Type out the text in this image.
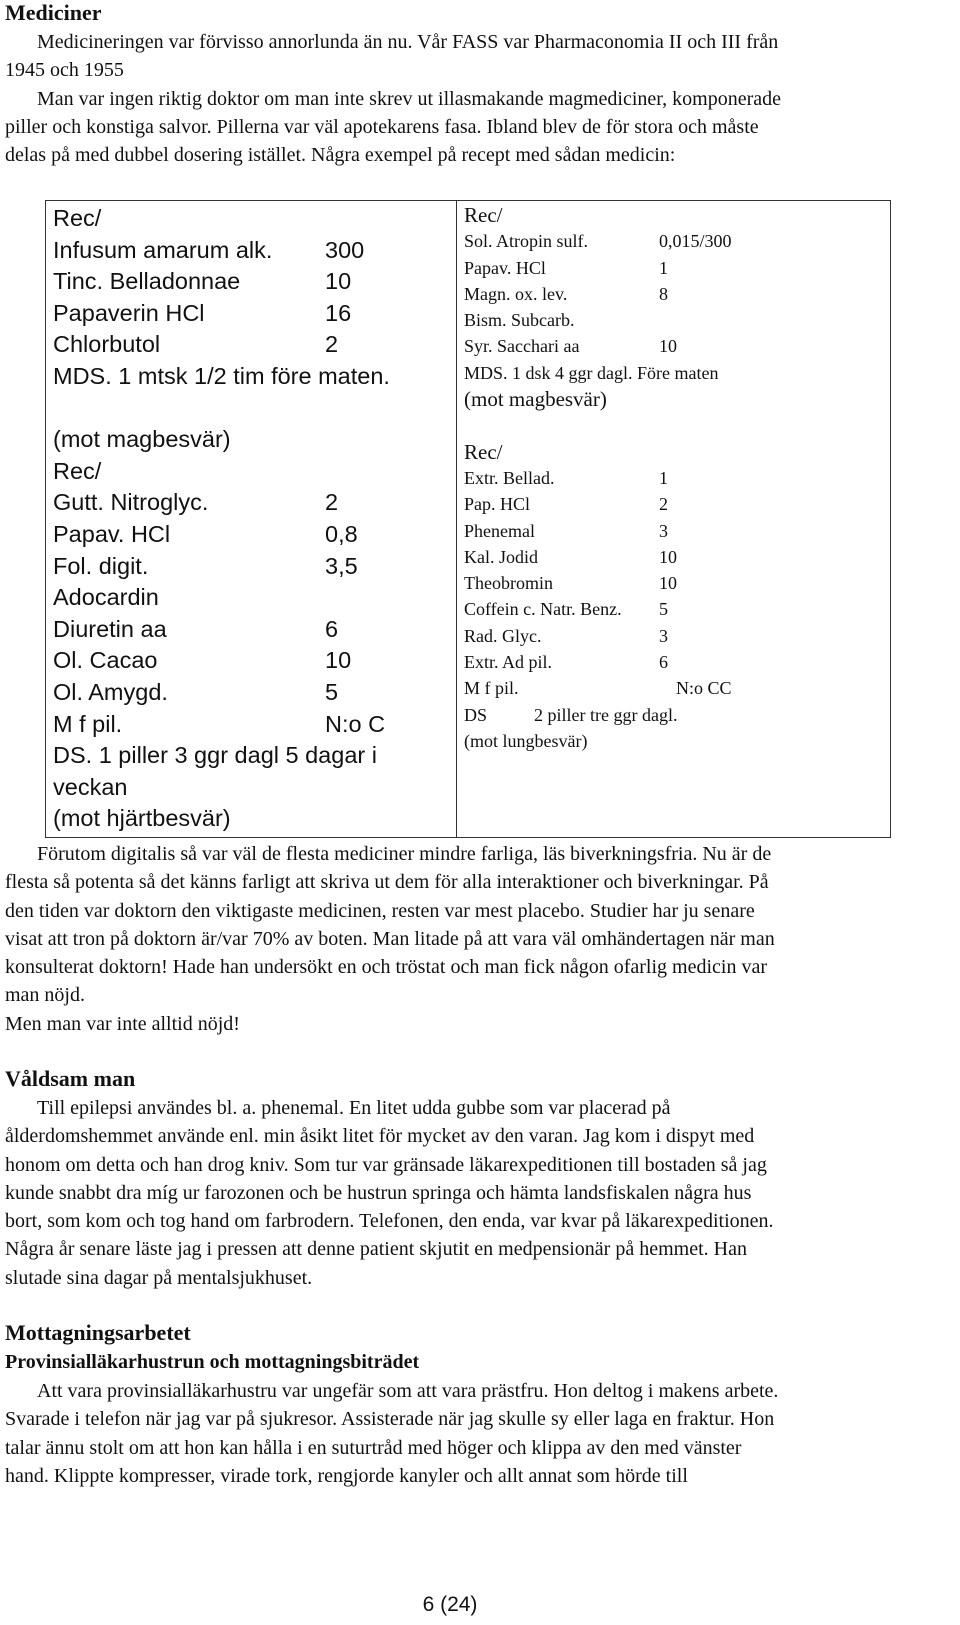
Mediciner
Medicineringen var förvisso annorlunda än nu. Vår FASS var Pharmaconomia II och III från
1945 och 1955
Man var ingen riktig doktor om man inte skrev ut illasmakande magmediciner, komponerade
piller och konstiga salvor. Pillerna var väl apotekarens fasa. Ibland blev de för stora och måste
delas på med dubbel dosering istället. Några exempel på recept med sådan medicin:
Rec/
Infusum amarum alk.	300
Tinc. Belladonnae	10
Papaverin HCl	16
Chlorbutol	2
MDS. 1 mtsk 1/2 tim före maten.

(mot magbesvär)
Rec/
Gutt. Nitroglyc.	2
Papav. HCl	0,8
Fol. digit.	3,5
Adocardin
Diuretin aa	6
Ol. Cacao	10
Ol. Amygd.	5
M f pil.	N:o C
DS. 1 piller 3 ggr dagl 5 dagar i
veckan
(mot hjärtbesvär)

Rec/
Sol. Atropin sulf.	0,015/300
Papav. HCl	1
Magn. ox. lev.	8
Bism. Subcarb.
Syr. Sacchari aa	10
MDS. 1 dsk 4 ggr dagl. Före maten
(mot magbesvär)

Rec/
Extr. Bellad.	1
Pap. HCl	2
Phenemal	3
Kal. Jodid	10
Theobromin	10
Coffein c. Natr. Benz.	5
Rad. Glyc.	3
Extr. Ad pil.	6
M f pil.	N:o CC
DS	2 piller tre ggr dagl.
(mot lungbesvär)
Förutom digitalis så var väl de flesta mediciner mindre farliga, läs biverkningsfria. Nu är de
flesta så potenta så det känns farligt att skriva ut dem för alla interaktioner och biverkningar. På
den tiden var doktorn den viktigaste medicinen, resten var mest placebo. Studier har ju senare
visat att tron på doktorn är/var 70% av boten. Man litade på att vara väl omhändertagen när man
konsulterat doktorn! Hade han undersökt en och tröstat och man fick någon ofarlig medicin var
man nöjd.
Men man var inte alltid nöjd!
Våldsam man
Till epilepsi användes bl. a. phenemal. En litet udda gubbe som var placerad på
ålderdomshemmet använde enl. min åsikt litet för mycket av den varan. Jag kom i dispyt med
honom om detta och han drog kniv. Som tur var gränsade läkarexpeditionen till bostaden så jag
kunde snabbt dra míg ur farozonen och be hustrun springa och hämta landsfiskalen några hus
bort, som kom och tog hand om farbrodern. Telefonen, den enda, var kvar på läkarexpeditionen.
Några år senare läste jag i pressen att denne patient skjutit en medpensionär på hemmet. Han
slutade sina dagar på mentalsjukhuset.
Mottagningsarbetet
Provinsialläkarhustrun och mottagningsbiträdet
Att vara provinsialläkarhustru var ungefär som att vara prästfru. Hon deltog i makens arbete.
Svarade i telefon när jag var på sjukresor. Assisterade när jag skulle sy eller laga en fraktur. Hon
talar ännu stolt om att hon kan hålla i en suturtråd med höger och klippa av den med vänster
hand. Klippte kompresser, virade tork, rengjorde kanyler och allt annat som hörde till
6 (24)
